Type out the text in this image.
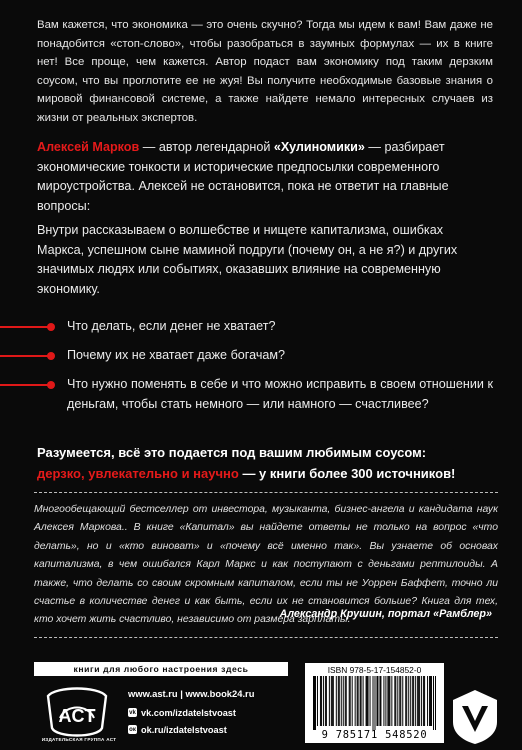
Вам кажется, что экономика — это очень скучно? Тогда мы идем к вам! Вам даже не понадобится «стоп-слово», чтобы разобраться в заумных формулах — их в книге нет! Все проще, чем кажется. Автор подаст вам экономику под таким дерзким соусом, что вы проглотите ее не жуя! Вы получите необходимые базовые знания о мировой финансовой системе, а также найдете немало интересных случаев из жизни от реальных экспертов.

Алексей Марков — автор легендарной «Хулиномики» — разбирает экономические тонкости и исторические предпосылки современного мироустройства. Алексей не остановится, пока не ответит на главные вопросы:

Внутри рассказываем о волшебстве и нищете капитализма, ошибках Маркса, успешном сыне маминой подруги (почему он, а не я?) и других значимых людях или событиях, оказавших влияние на современную экономику.

Что делать, если денег не хватает?

Почему их не хватает даже богачам?

Что нужно поменять в себе и что можно исправить в своем отношении к деньгам, чтобы стать немного — или намного — счастливее?

Разумеется, всё это подается под вашим любимым соусом:
дерзко, увлекательно и научно — у книги более 300 источников!

Многообещающий бестселлер от инвестора, музыканта, бизнес-ангела и кандидата наук Алексея Маркова.. В книге «Капитал» вы найдете ответы не только на вопрос «что делать», но и «кто виноват» и «почему всё именно так». Вы узнаете об основах капитализма, в чем ошибался Карл Маркс и как поступают с деньгами рептилоиды. А также, что делать со своим скромным капиталом, если ты не Уоррен Баффет, точно ли счастье в количестве денег и как быть, если их не становится больше? Книга для тех, кто хочет жить счастливо, независимо от размера зарплаты.

Александр Крушин, портал «Рамблер»

книги для любого настроения здесь
ACT
ИЗДАТЕЛЬСКАЯ ГРУППА АСТ
www.ast.ru | www.book24.ru
vk vk.com/izdatelstvoast
ок ok.ru/izdatelstvoast
ISBN 978-5-17-154852-0
9 785171 548520
